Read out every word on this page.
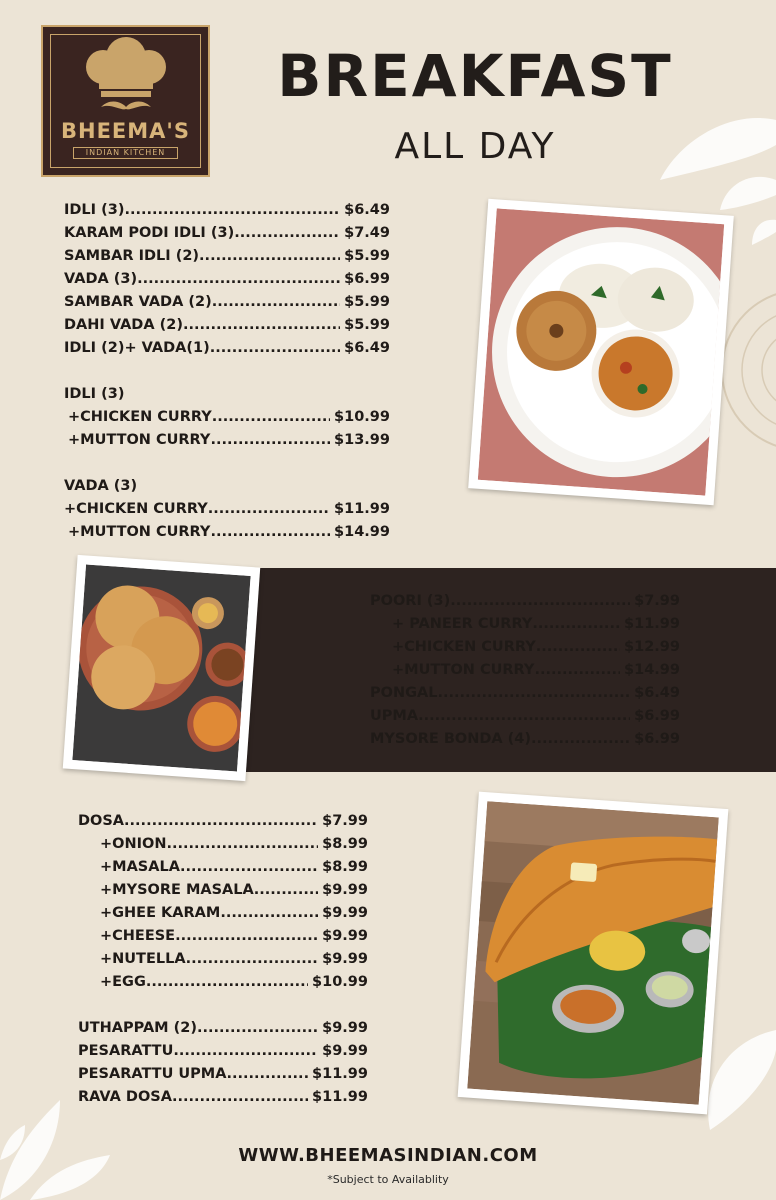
BHEEMA'S
INDIAN KITCHEN
BREAKFAST
ALL DAY
IDLI (3) .....	$6.49
KARAM PODI IDLI (3) .....	$7.49
SAMBAR IDLI (2) .....	$5.99
VADA (3) .....	$6.99
SAMBAR VADA (2) .....	$5.99
DAHI VADA (2) .....	$5.99
IDLI (2)+ VADA(1) .....	$6.49
IDLI (3)
+CHICKEN CURRY .....	$10.99
+MUTTON CURRY .....	$13.99
VADA (3)
+CHICKEN CURRY .....	$11.99
+MUTTON CURRY .....	$14.99
POORI (3) .....	$7.99
+ PANEER CURRY .....	$11.99
+CHICKEN CURRY .....	$12.99
+MUTTON CURRY .....	$14.99
PONGAL .....	$6.49
UPMA .....	$6.99
MYSORE BONDA (4) .....	$6.99
DOSA .....	$7.99
+ONION .....	$8.99
+MASALA .....	$8.99
+MYSORE MASALA .....	$9.99
+GHEE KARAM .....	$9.99
+CHEESE .....	$9.99
+NUTELLA .....	$9.99
+EGG .....	$10.99
UTHAPPAM (2) .....	$9.99
PESARATTU .....	$9.99
PESARATTU UPMA .....	$11.99
RAVA DOSA .....	$11.99
WWW.BHEEMASINDIAN.COM
*Subject to Availablity
